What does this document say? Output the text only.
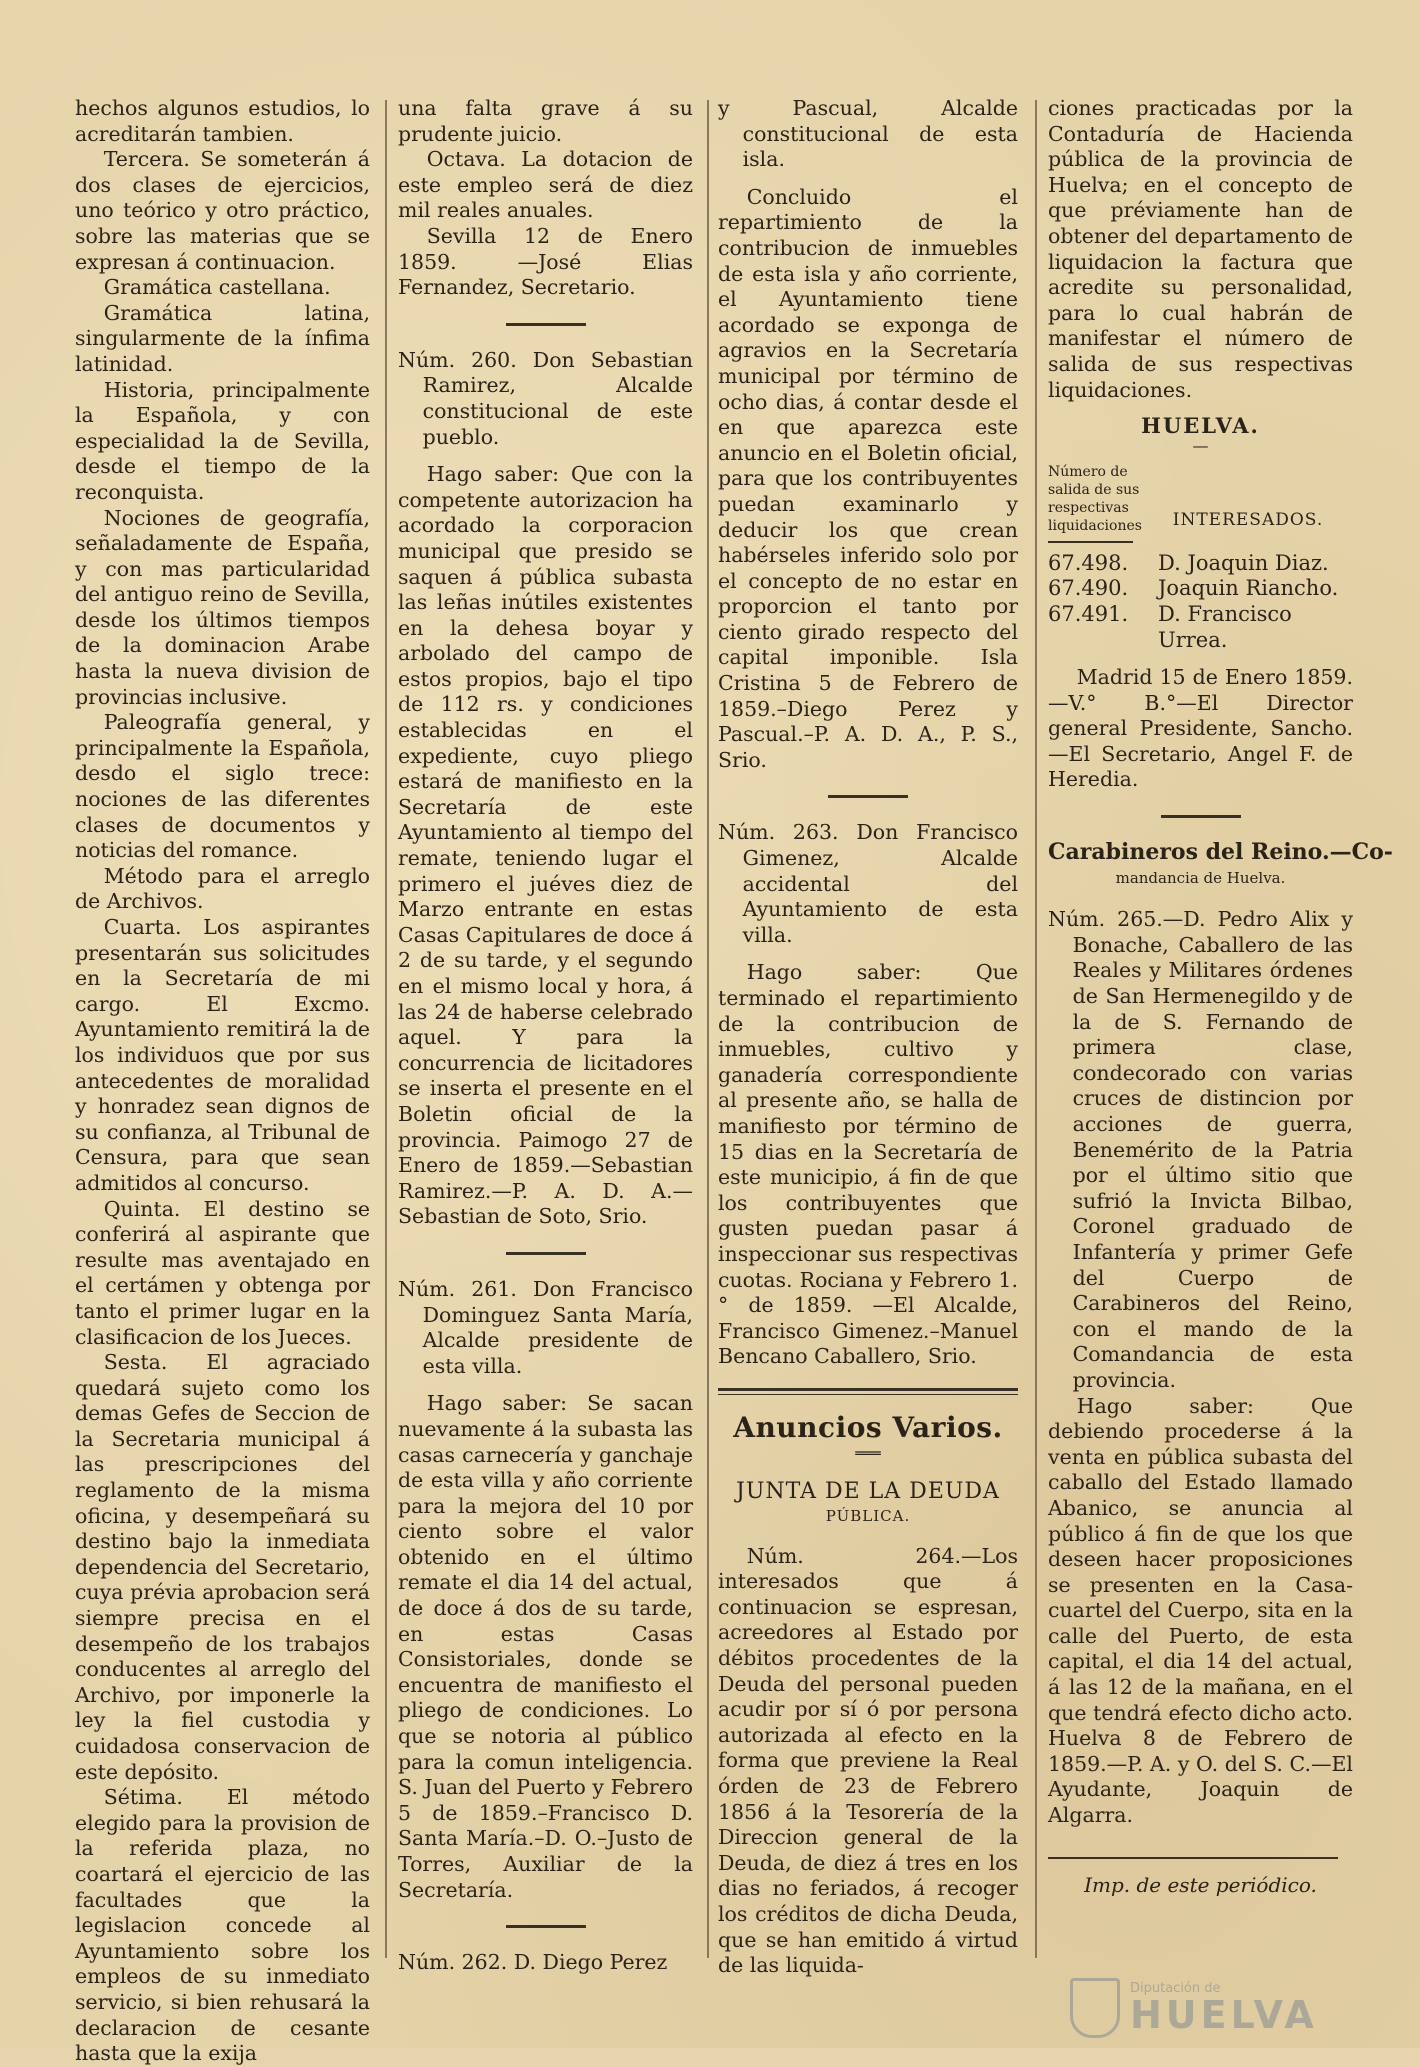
hechos algunos estudios, lo acreditarán tambien.

Tercera. Se someterán á dos clases de ejercicios, uno teórico y otro práctico, sobre las materias que se expresan á continuacion.

Gramática castellana.

Gramática latina, singularmente de la ínfima latinidad.

Historia, principalmente la Española, y con especialidad la de Sevilla, desde el tiempo de la reconquista.

Nociones de geografía, señaladamente de España, y con mas particularidad del antiguo reino de Sevilla, desde los últimos tiempos de la dominacion Arabe hasta la nueva division de provincias inclusive.

Paleografía general, y principalmente la Española, desdo el siglo trece: nociones de las diferentes clases de documentos y noticias del romance.

Método para el arreglo de Archivos.

Cuarta. Los aspirantes presentarán sus solicitudes en la Secretaría de mi cargo. El Excmo. Ayuntamiento remitirá la de los individuos que por sus antecedentes de moralidad y honradez sean dignos de su confianza, al Tribunal de Censura, para que sean admitidos al concurso.

Quinta. El destino se conferirá al aspirante que resulte mas aventajado en el certámen y obtenga por tanto el primer lugar en la clasificacion de los Jueces.

Sesta. El agraciado quedará sujeto como los demas Gefes de Seccion de la Secretaria municipal á las prescripciones del reglamento de la misma oficina, y desempeñará su destino bajo la inmediata dependencia del Secretario, cuya prévia aprobacion será siempre precisa en el desempeño de los trabajos conducentes al arreglo del Archivo, por imponerle la ley la fiel custodia y cuidadosa conservacion de este depósito.

Sétima. El método elegido para la provision de la referida plaza, no coartará el ejercicio de las facultades que la legislacion concede al Ayuntamiento sobre los empleos de su inmediato servicio, si bien rehusará la declaracion de cesante hasta que la exija

una falta grave á su prudente juicio.

Octava. La dotacion de este empleo será de diez mil reales anuales.

Sevilla 12 de Enero 1859. —José Elias Fernandez, Secretario.

Núm. 260. Don Sebastian Ramirez, Alcalde constitucional de este pueblo.

Hago saber: Que con la competente autorizacion ha acordado la corporacion municipal que presido se saquen á pública subasta las leñas inútiles existentes en la dehesa boyar y arbolado del campo de estos propios, bajo el tipo de 112 rs. y condiciones establecidas en el expediente, cuyo pliego estará de manifiesto en la Secretaría de este Ayuntamiento al tiempo del remate, teniendo lugar el primero el juéves diez de Marzo entrante en estas Casas Capitulares de doce á 2 de su tarde, y el segundo en el mismo local y hora, á las 24 de haberse celebrado aquel. Y para la concurrencia de licitadores se inserta el presente en el Boletin oficial de la provincia. Paimogo 27 de Enero de 1859.—Sebastian Ramirez.—P. A. D. A.—Sebastian de Soto, Srio.

Núm. 261. Don Francisco Dominguez Santa María, Alcalde presidente de esta villa.

Hago saber: Se sacan nuevamente á la subasta las casas carnecería y ganchaje de esta villa y año corriente para la mejora del 10 por ciento sobre el valor obtenido en el último remate el dia 14 del actual, de doce á dos de su tarde, en estas Casas Consistoriales, donde se encuentra de manifiesto el pliego de condiciones. Lo que se notoria al público para la comun inteligencia. S. Juan del Puerto y Febrero 5 de 1859.–Francisco D. Santa María.–D. O.–Justo de Torres, Auxiliar de la Secretaría.

Núm. 262. D. Diego Perez

y Pascual, Alcalde constitucional de esta isla.

Concluido el repartimiento de la contribucion de inmuebles de esta isla y año corriente, el Ayuntamiento tiene acordado se exponga de agravios en la Secretaría municipal por término de ocho dias, á contar desde el en que aparezca este anuncio en el Boletin oficial, para que los contribuyentes puedan examinarlo y deducir los que crean habérseles inferido solo por el concepto de no estar en proporcion el tanto por ciento girado respecto del capital imponible. Isla Cristina 5 de Febrero de 1859.–Diego Perez y Pascual.–P. A. D. A., P. S., Srio.

Núm. 263. Don Francisco Gimenez, Alcalde accidental del Ayuntamiento de esta villa.

Hago saber: Que terminado el repartimiento de la contribucion de inmuebles, cultivo y ganadería correspondiente al presente año, se halla de manifiesto por término de 15 dias en la Secretaría de este municipio, á fin de que los contribuyentes que gusten puedan pasar á inspeccionar sus respectivas cuotas. Rociana y Febrero 1.° de 1859. —El Alcalde, Francisco Gimenez.–Manuel Bencano Caballero, Srio.

Anuncios Varios.
═══
JUNTA DE LA DEUDA
PÚBLICA.

Núm. 264.—Los interesados que á continuacion se espresan, acreedores al Estado por débitos procedentes de la Deuda del personal pueden acudir por sí ó por persona autorizada al efecto en la forma que previene la Real órden de 23 de Febrero 1856 á la Tesorería de la Direccion general de la Deuda, de diez á tres en los dias no feriados, á recoger los créditos de dicha Deuda, que se han emitido á virtud de las liquida-

ciones practicadas por la Contaduría de Hacienda pública de la provincia de Huelva; en el concepto de que préviamente han de obtener del departamento de liquidacion la factura que acredite su personalidad, para lo cual habrán de manifestar el número de salida de sus respectivas liquidaciones.

HUELVA.
—
Número de salida de sus respectivas liquidaciones	INTERESADOS.
67.498.	D. Joaquin Diaz.
67.490.	Joaquin Riancho.
67.491.	D. Francisco Urrea.

Madrid 15 de Enero 1859. —V.° B.°—El Director general Presidente, Sancho.—El Secretario, Angel F. de Heredia.

Carabineros del Reino.—Co-
mandancia de Huelva.

Núm. 265.—D. Pedro Alix y Bonache, Caballero de las Reales y Militares órdenes de San Hermenegildo y de la de S. Fernando de primera clase, condecorado con varias cruces de distincion por acciones de guerra, Benemérito de la Patria por el último sitio que sufrió la Invicta Bilbao, Coronel graduado de Infantería y primer Gefe del Cuerpo de Carabineros del Reino, con el mando de la Comandancia de esta provincia.

Hago saber: Que debiendo procederse á la venta en pública subasta del caballo del Estado llamado Abanico, se anuncia al público á fin de que los que deseen hacer proposiciones se presenten en la Casa-cuartel del Cuerpo, sita en la calle del Puerto, de esta capital, el dia 14 del actual, á las 12 de la mañana, en el que tendrá efecto dicho acto. Huelva 8 de Febrero de 1859.—P. A. y O. del S. C.—El Ayudante, Joaquin de Algarra.

Imp. de este periódico.
Diputación de
HUELVA
